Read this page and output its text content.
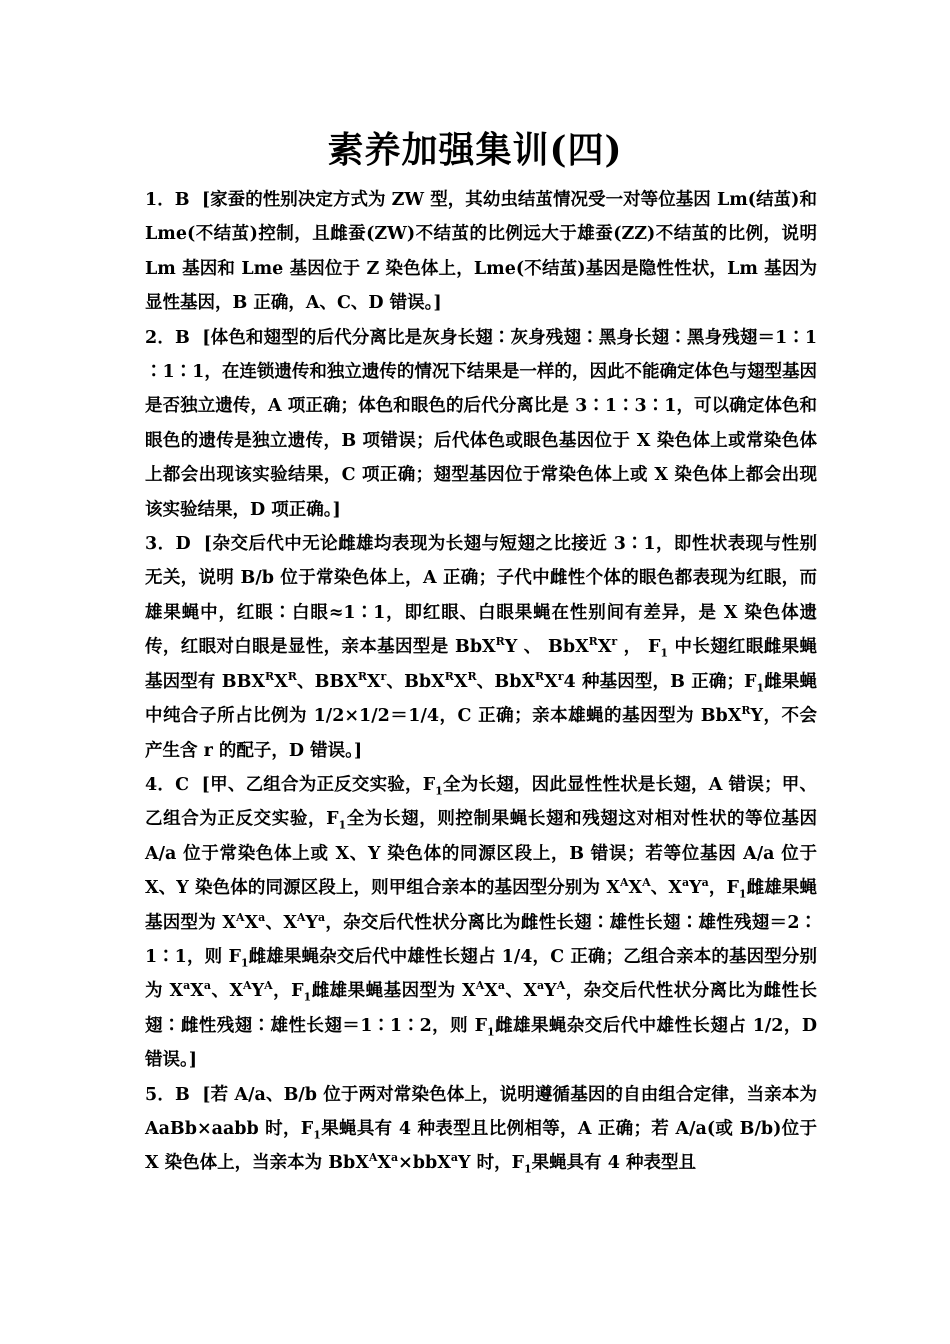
素养加强集训(四)

1．B [家蚕的性别决定方式为 ZW 型，其幼虫结茧情况受一对等位基因 Lm(结茧)和 Lme(不结茧)控制，且雌蚕(ZW)不结茧的比例远大于雄蚕(ZZ)不结茧的比例，说明 Lm 基因和 Lme 基因位于 Z 染色体上，Lme(不结茧)基因是隐性性状，Lm 基因为显性基因，B 正确，A、C、D 错误。]

2．B [体色和翅型的后代分离比是灰身长翅∶灰身残翅∶黑身长翅∶黑身残翅＝1∶1∶1∶1，在连锁遗传和独立遗传的情况下结果是一样的，因此不能确定体色与翅型基因是否独立遗传，A 项正确；体色和眼色的后代分离比是 3∶1∶3∶1，可以确定体色和眼色的遗传是独立遗传，B 项错误；后代体色或眼色基因位于 X 染色体上或常染色体上都会出现该实验结果，C 项正确；翅型基因位于常染色体上或 X 染色体上都会出现该实验结果，D 项正确。]

3．D [杂交后代中无论雌雄均表现为长翅与短翅之比接近 3∶1，即性状表现与性别无关，说明 B/b 位于常染色体上，A 正确；子代中雌性个体的眼色都表现为红眼，而雄果蝇中，红眼∶白眼≈1∶1，即红眼、白眼果蝇在性别间有差异，是 X 染色体遗传，红眼对白眼是显性，亲本基因型是 BbX$^R$Y 、 $BbX^RX^r$ ， $F_1$ 中长翅红眼雌果蝇基因型有 $BBX^RX^R$、$BBX^RX^r$、$BbX^RX^R$、$BbX^RX^r4$ 种基因型，B 正确；$F_1$雌果蝇中纯合子所占比例为 1/2×1/2＝1/4，C 正确；亲本雄蝇的基因型为 BbX$^R$Y，不会产生含 r 的配子，D 错误。]

4．C [甲、乙组合为正反交实验，$F_1$全为长翅，因此显性性状是长翅，A 错误；甲、乙组合为正反交实验，$F_1$全为长翅，则控制果蝇长翅和残翅这对相对性状的等位基因 A/a 位于常染色体上或 X、Y 染色体的同源区段上，B 错误；若等位基因 A/a 位于 X、Y 染色体的同源区段上，则甲组合亲本的基因型分别为 $X^AX^A$、$X^aY^a$，$F_1$雌雄果蝇基因型为 $X^AX^a$、$X^AY^a$，杂交后代性状分离比为雌性长翅∶雄性长翅∶雄性残翅＝2∶1∶1，则 $F_1$雌雄果蝇杂交后代中雄性长翅占 1/4，C 正确；乙组合亲本的基因型分别为 $X^aX^a$、$X^AY^A$，$F_1$雌雄果蝇基因型为 $X^AX^a$、$X^aY^A$，杂交后代性状分离比为雌性长翅∶雌性残翅∶雄性长翅＝1∶1∶2，则 $F_1$雌雄果蝇杂交后代中雄性长翅占 1/2，D 错误。]

5．B [若 A/a、B/b 位于两对常染色体上，说明遵循基因的自由组合定律，当亲本为 AaBb×aabb 时，$F_1$果蝇具有 4 种表型且比例相等，A 正确；若 A/a(或 B/b)位于 X 染色体上，当亲本为 $BbX^AX^a\times bbX^aY$ 时，$F_1$果蝇具有 4 种表型且
